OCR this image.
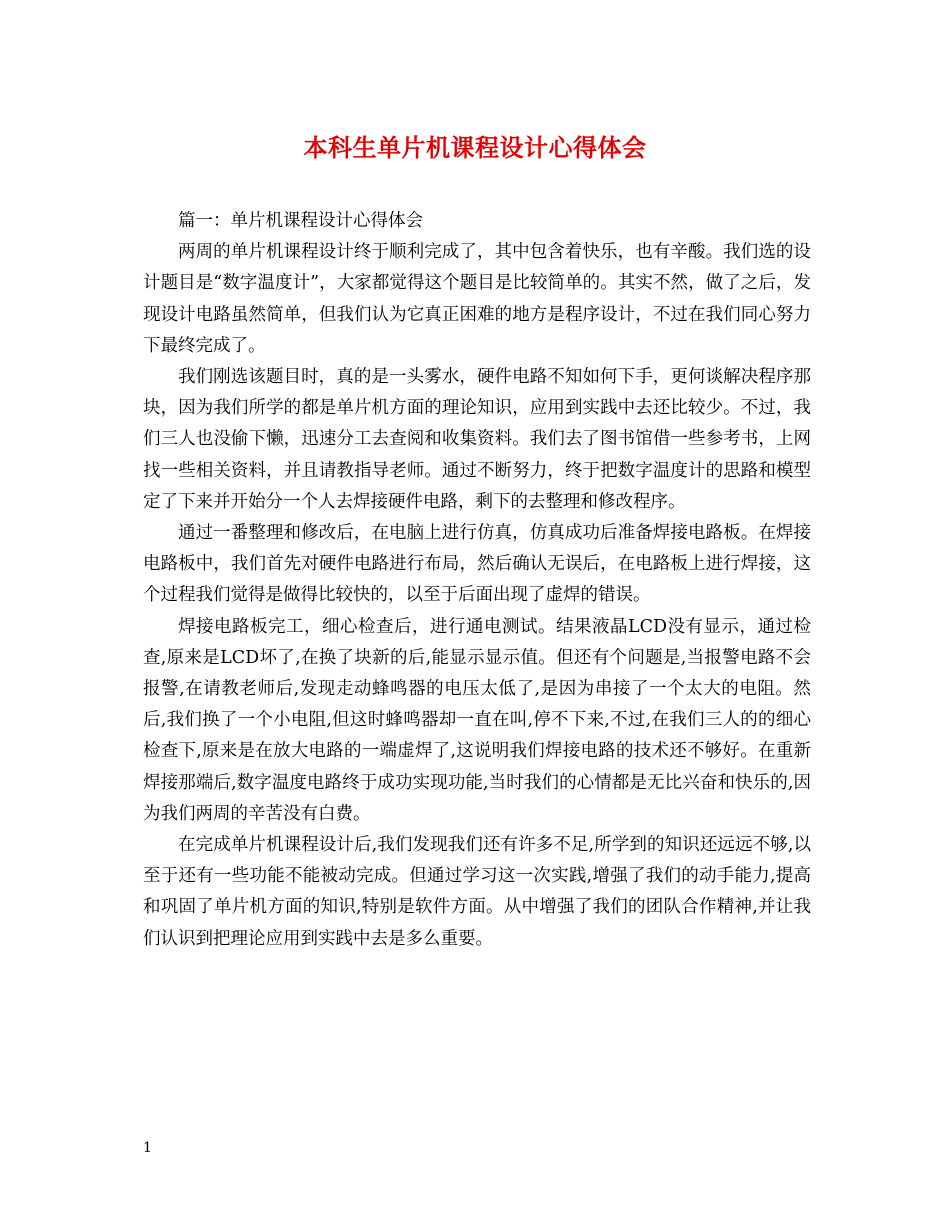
本科生单片机课程设计心得体会
篇一：单片机课程设计心得体会

两周的单片机课程设计终于顺利完成了，其中包含着快乐，也有辛酸。我们选的设计题目是“数字温度计”，大家都觉得这个题目是比较简单的。其实不然，做了之后，发现设计电路虽然简单，但我们认为它真正困难的地方是程序设计，不过在我们同心努力下最终完成了。

我们刚选该题目时，真的是一头雾水，硬件电路不知如何下手，更何谈解决程序那块，因为我们所学的都是单片机方面的理论知识，应用到实践中去还比较少。不过，我们三人也没偷下懒，迅速分工去查阅和收集资料。我们去了图书馆借一些参考书，上网找一些相关资料，并且请教指导老师。通过不断努力，终于把数字温度计的思路和模型定了下来并开始分一个人去焊接硬件电路，剩下的去整理和修改程序。

通过一番整理和修改后，在电脑上进行仿真，仿真成功后准备焊接电路板。在焊接电路板中，我们首先对硬件电路进行布局，然后确认无误后，在电路板上进行焊接，这个过程我们觉得是做得比较快的，以至于后面出现了虚焊的错误。

焊接电路板完工，细心检查后，进行通电测试。结果液晶LCD没有显示，通过检查,原来是LCD坏了,在换了块新的后,能显示显示值。但还有个问题是,当报警电路不会报警,在请教老师后,发现走动蜂鸣器的电压太低了,是因为串接了一个太大的电阻。然后,我们换了一个小电阻,但这时蜂鸣器却一直在叫,停不下来,不过,在我们三人的的细心检查下,原来是在放大电路的一端虚焊了,这说明我们焊接电路的技术还不够好。在重新焊接那端后,数字温度电路终于成功实现功能,当时我们的心情都是无比兴奋和快乐的,因为我们两周的辛苦没有白费。

在完成单片机课程设计后,我们发现我们还有许多不足,所学到的知识还远远不够,以至于还有一些功能不能被动完成。但通过学习这一次实践,增强了我们的动手能力,提高和巩固了单片机方面的知识,特别是软件方面。从中增强了我们的团队合作精神,并让我们认识到把理论应用到实践中去是多么重要。

1
